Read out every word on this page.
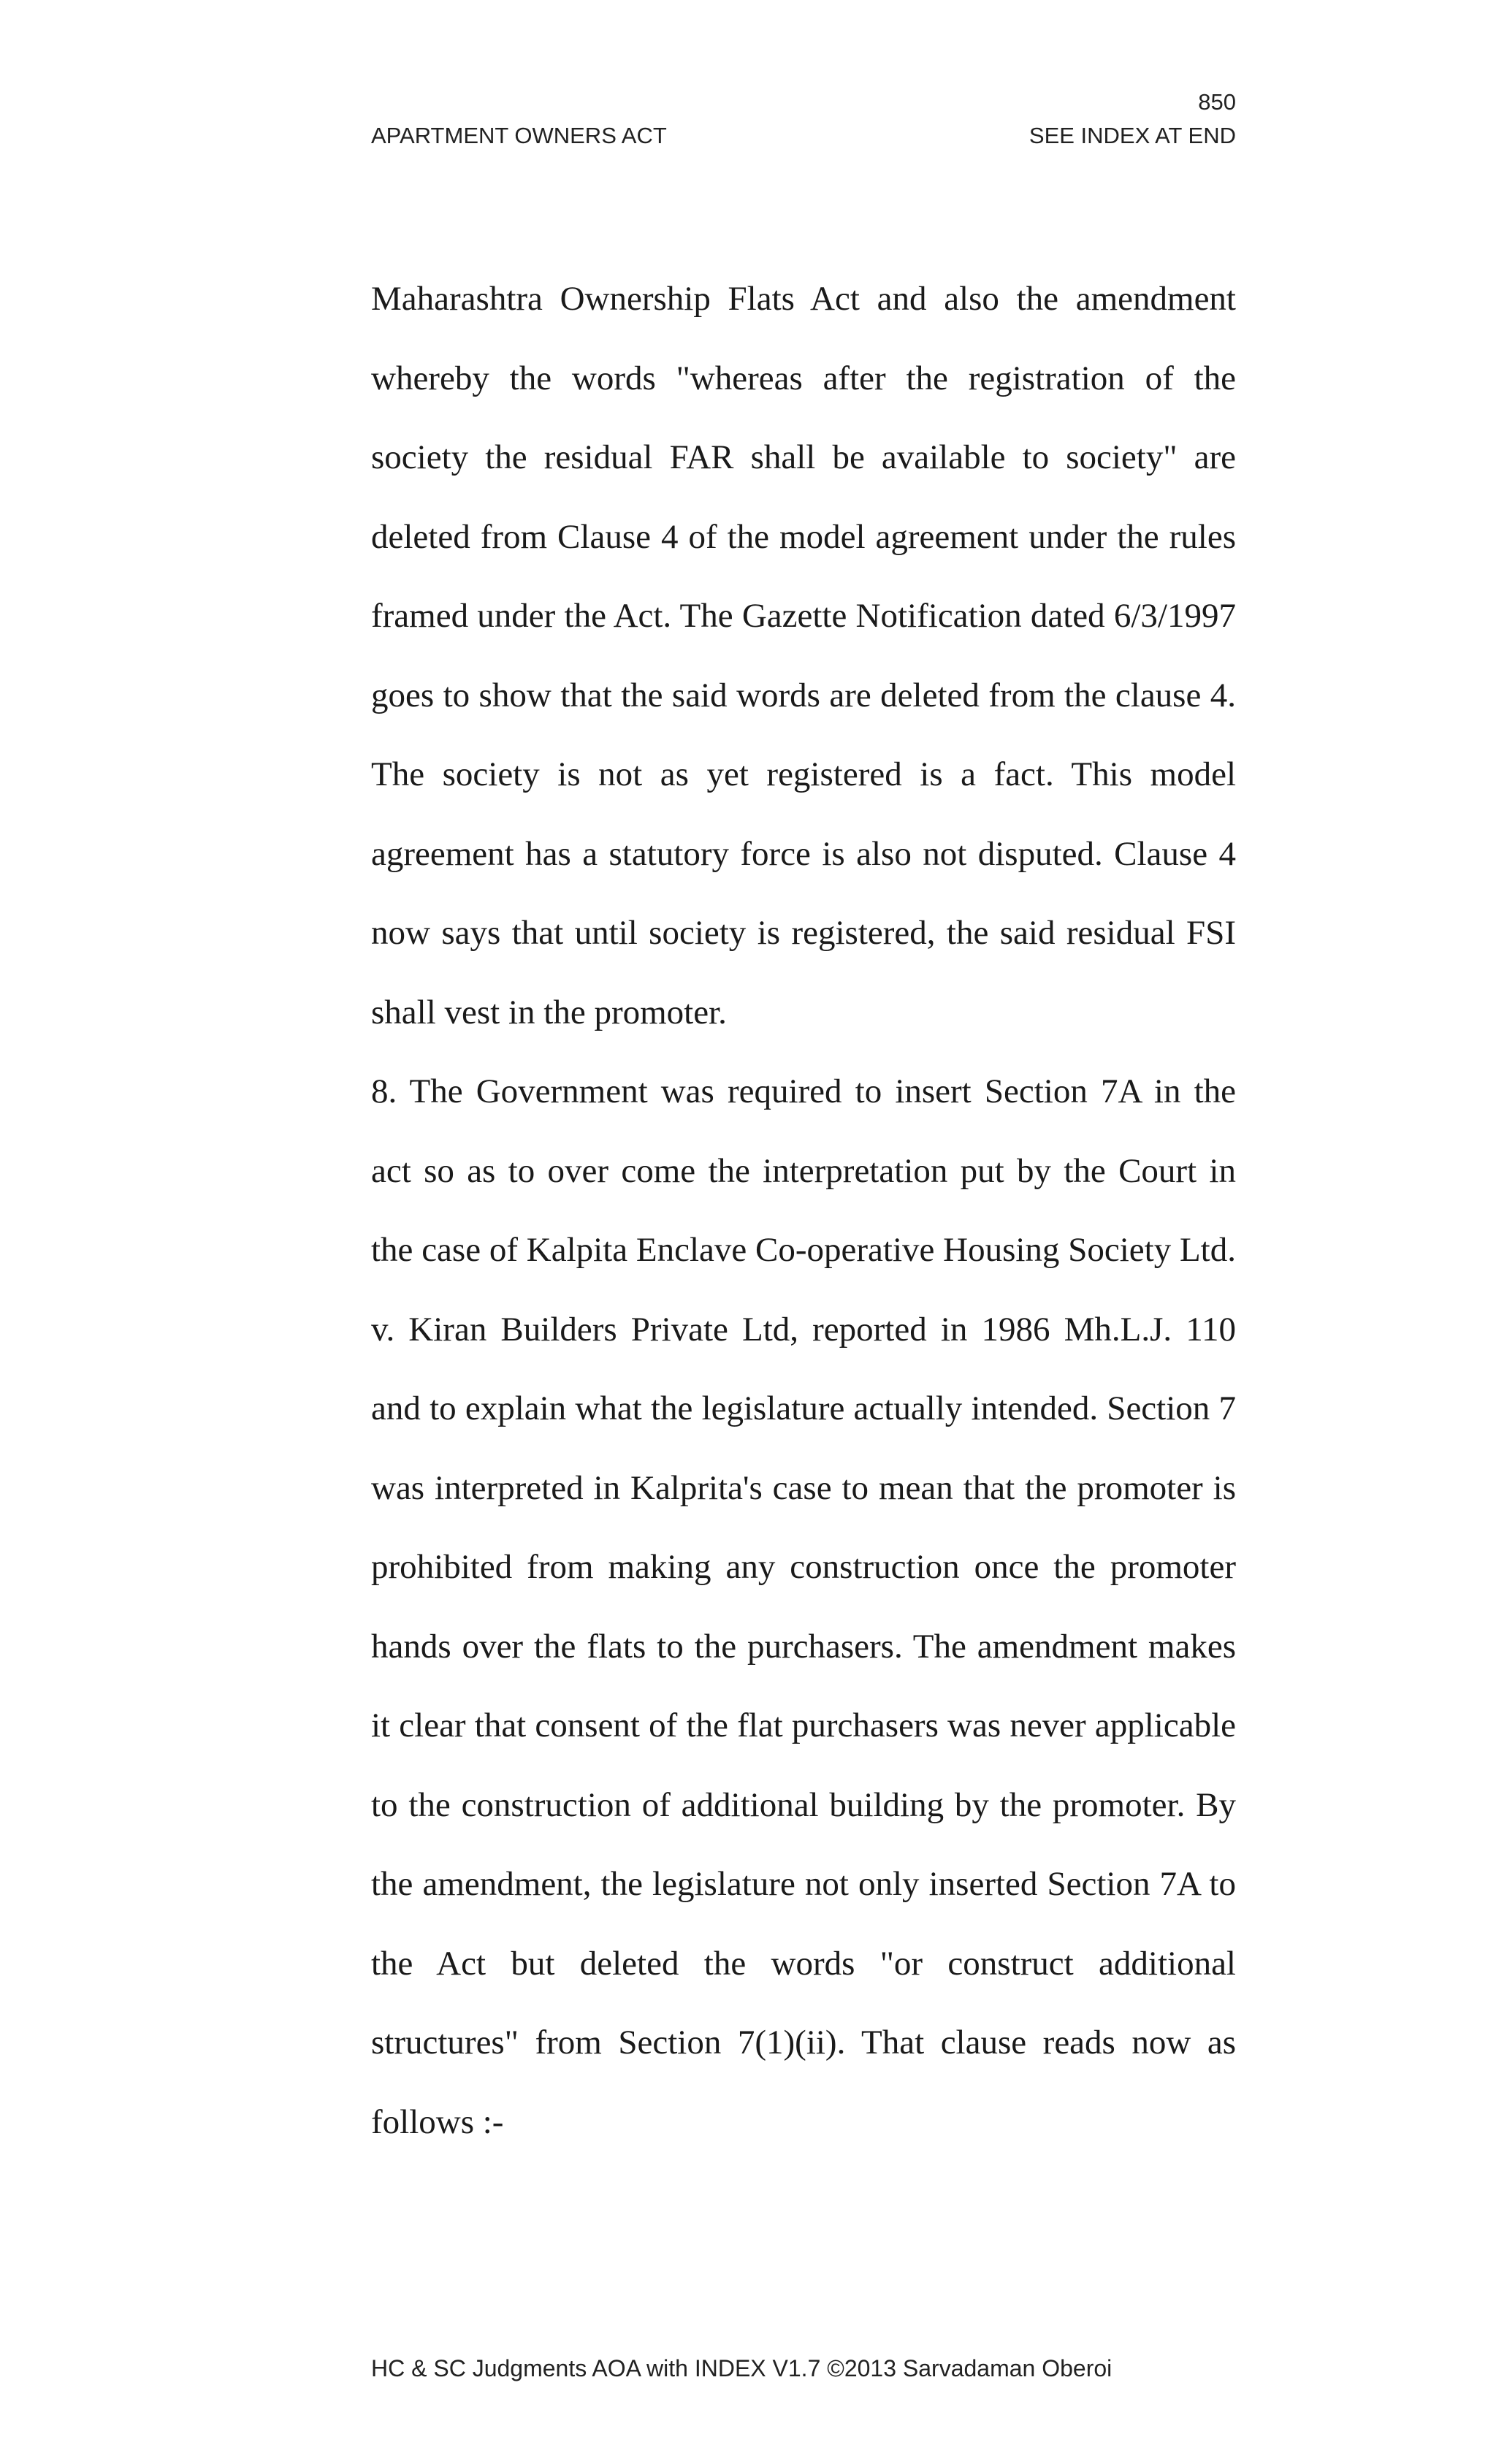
850
APARTMENT OWNERS ACT	SEE INDEX AT END

Maharashtra Ownership Flats Act and also the amendment whereby the words "whereas after the registration of the society the residual FAR shall be available to society" are deleted from Clause 4 of the model agreement under the rules framed under the Act. The Gazette Notification dated 6/3/1997 goes to show that the said words are deleted from the clause 4. The society is not as yet registered is a fact. This model agreement has a statutory force is also not disputed. Clause 4 now says that until society is registered, the said residual FSI shall vest in the promoter.

8. The Government was required to insert Section 7A in the act so as to over come the interpretation put by the Court in the case of Kalpita Enclave Co-operative Housing Society Ltd. v. Kiran Builders Private Ltd, reported in 1986 Mh.L.J. 110 and to explain what the legislature actually intended. Section 7 was interpreted in Kalprita's case to mean that the promoter is prohibited from making any construction once the promoter hands over the flats to the purchasers. The amendment makes it clear that consent of the flat purchasers was never applicable to the construction of additional building by the promoter. By the amendment, the legislature not only inserted Section 7A to the Act but deleted the words "or construct additional structures" from Section 7(1)(ii). That clause reads now as follows :-

HC & SC Judgments AOA with INDEX V1.7 ©2013 Sarvadaman Oberoi
